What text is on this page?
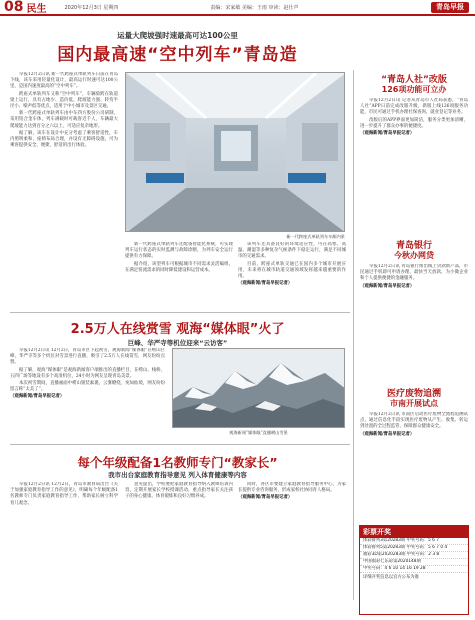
08 民生	2020年12月3日 星期四	责编：宋家敏 美编：王雨 审读：赵仕声	青岛早报
运量大爬坡强时速最高可达100公里
国内最高速“空中列车”青岛造

早报12月2日讯 新一代跨座式单轨列车日前在青岛下线，该车采用轻量化设计，最高运行时速可达100公里，是国内速度最高的“空中列车”。

跨座式单轨列车又称“空中列车”，车辆骑跨在轨道梁上运行，具有占地少、造价低、爬坡能力强、转弯半径小、噪声低等优点，适用于中小城市及景区交通。

新一代跨座式单轨列车由中车四方股份公司研制，采用铝合金车体，列车满载时可载客近千人，车辆最大爬坡能力达到百分之六以上，可适应复杂地形。

据了解，该车在设计中充分考虑了乘客舒适性，车内照明柔和，座椅布局合理，并设有无障碍设施，可为乘客提供安全、便捷、舒适的出行体验。

新一代跨座式单轨列车车厢内景

新一代跨座式单轨列车还配备智能化系统，可实现列车运行状态的实时监测与故障诊断，为列车安全运行提供有力保障。

据介绍，该型列车可根据城市不同需求灵活编组，在满足客流需求的同时降低建设和运营成本。

该列车还具备良好的环境适应性，可在高寒、高温、潮湿等多种复杂气候条件下稳定运行，满足不同城市的交通需求。

目前，跨座式单轨交通已在国内多个城市开展应用，未来将在城市轨道交通领域发挥越来越重要的作用。

（观海新闻/青岛早报记者）

2.5万人在线赏雪 观海“媒体眼”火了
巨峰、华严寺等机位迎来“云访客”

早报12月2日讯 12月2日，青岛市区下起初雪，观海新闻“媒体眼”在崂山巨峰、华严寺等多个机位对雪景进行直播，吸引了2.5万人在线赏雪，网友纷纷点赞。

据了解，观海“媒体眼”是观海新闻客户端推出的直播栏目，在崂山、栈桥、五四广场等地设有多个高清机位，24小时为网友呈现青岛美景。

本次初雪期间，直播画面中崂山银装素裹，云雾缭绕，宛如仙境，网友纷纷留言称“太美了”。

（观海新闻/青岛早报记者）

观海新闻“媒体眼”直播崂山雪景
每个年级配备1名教师专门“教家长”
我市出台家庭教育指导意见 列入体育健康等内容

早报12月2日讯 12月2日，青岛市教育局出台《关于加强家庭教育指导工作的意见》，明确每个年级配备1名教师专门负责家庭教育指导工作，帮助家长树立科学育儿观念。

意见提出，学校要把家庭教育指导纳入教师培训内容，定期开展家长学校授课活动，重点指导家长关注孩子的身心健康、体育锻炼和良好习惯养成。

同时，各区市要建立家庭教育指导服务中心，为家长提供专业咨询服务，形成家校社协同育人格局。

（观海新闻/青岛早报记者）

“青岛人社”改版
126项功能可立办

早报12月2日讯 记者从青岛市人社局获悉，“青岛人社”APP日前完成改版升级，新版上线126项服务功能，市民可通过手机办理社保查询、就业登记等业务。

改版后的APP界面更加简洁，服务分类更加清晰，进一步提升了群众办事的便捷度。

（观海新闻/青岛早报记者）

青岛银行
今秋办网贷

早报12月2日讯 青岛银行推出线上贷款新产品，市民通过手机即可申请办理，最快当天放款，为小微企业和个人提供便捷的金融服务。

（观海新闻/青岛早报记者）

医疗废物追溯
市南开展试点

早报12月2日讯 市南区启动医疗废物全流程追溯试点，通过信息化手段实现医疗废物从产生、收集、转运到处置的全过程监管，保障群众健康安全。

（观海新闻/青岛早报记者）

彩票开奖
体彩排列3第20283期 中奖号码：5 6 7
体彩排列5第20283期 中奖号码：5 6 7 0 4
福彩3D第2020283期 中奖号码：2 3 8
中国福彩七乐彩第2020148期
中奖号码：4 6 10 14 16 19 28
详细开奖信息以官方公布为准
